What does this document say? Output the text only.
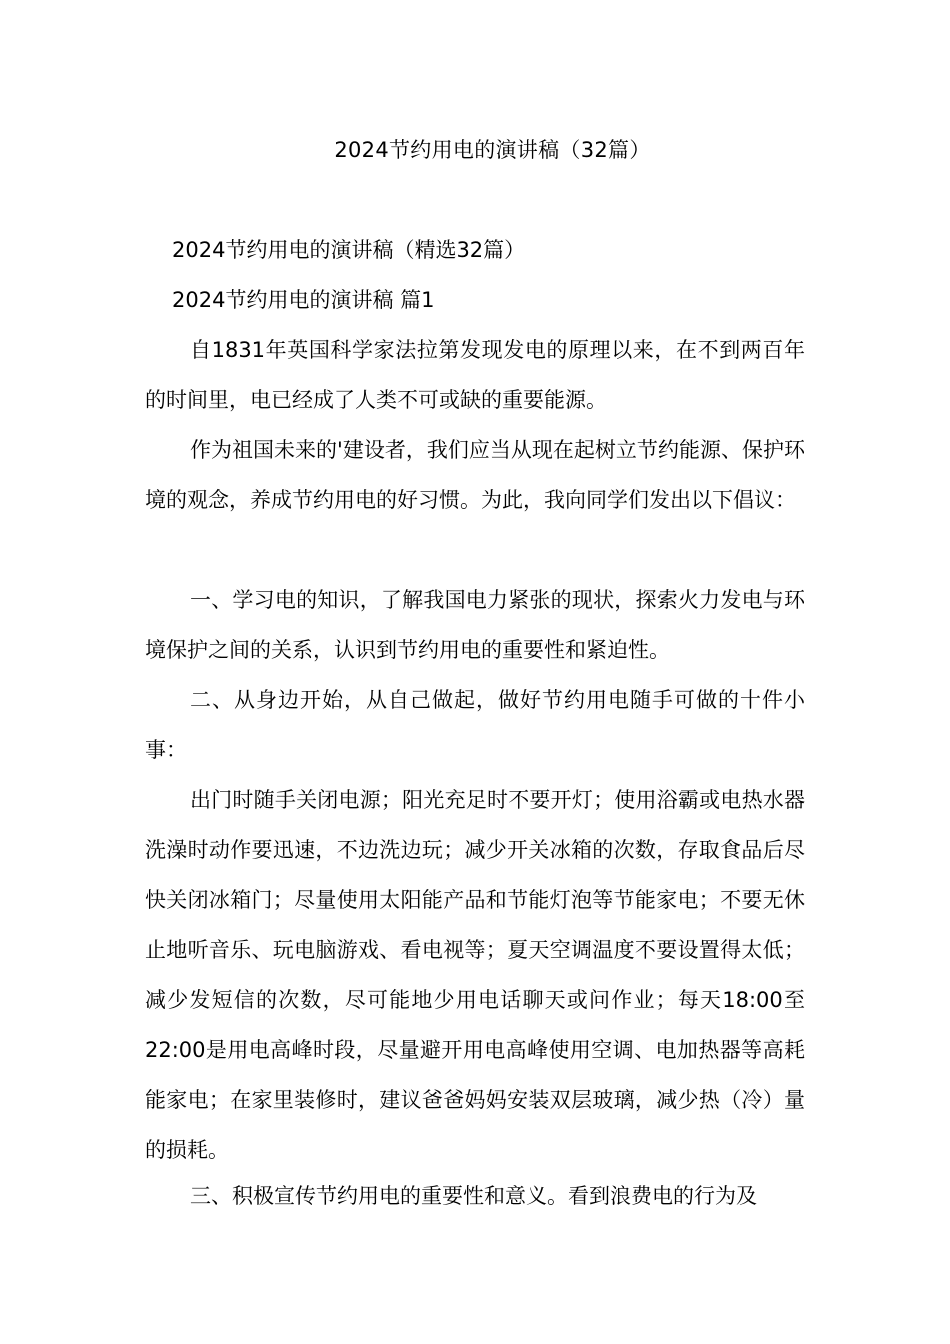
2024节约用电的演讲稿（32篇）
2024节约用电的演讲稿（精选32篇）
2024节约用电的演讲稿 篇1

自1831年英国科学家法拉第发现发电的原理以来，在不到两百年的时间里，电已经成了人类不可或缺的重要能源。

作为祖国未来的'建设者，我们应当从现在起树立节约能源、保护环境的观念，养成节约用电的好习惯。为此，我向同学们发出以下倡议：

一、学习电的知识，了解我国电力紧张的现状，探索火力发电与环境保护之间的关系，认识到节约用电的重要性和紧迫性。

二、从身边开始，从自己做起，做好节约用电随手可做的十件小事：

出门时随手关闭电源；阳光充足时不要开灯；使用浴霸或电热水器洗澡时动作要迅速，不边洗边玩；减少开关冰箱的次数，存取食品后尽快关闭冰箱门；尽量使用太阳能产品和节能灯泡等节能家电；不要无休止地听音乐、玩电脑游戏、看电视等；夏天空调温度不要设置得太低；减少发短信的次数，尽可能地少用电话聊天或问作业；每天18:00至22:00是用电高峰时段，尽量避开用电高峰使用空调、电加热器等高耗能家电；在家里装修时，建议爸爸妈妈安装双层玻璃，减少热（冷）量的损耗。

三、积极宣传节约用电的重要性和意义。看到浪费电的行为及
